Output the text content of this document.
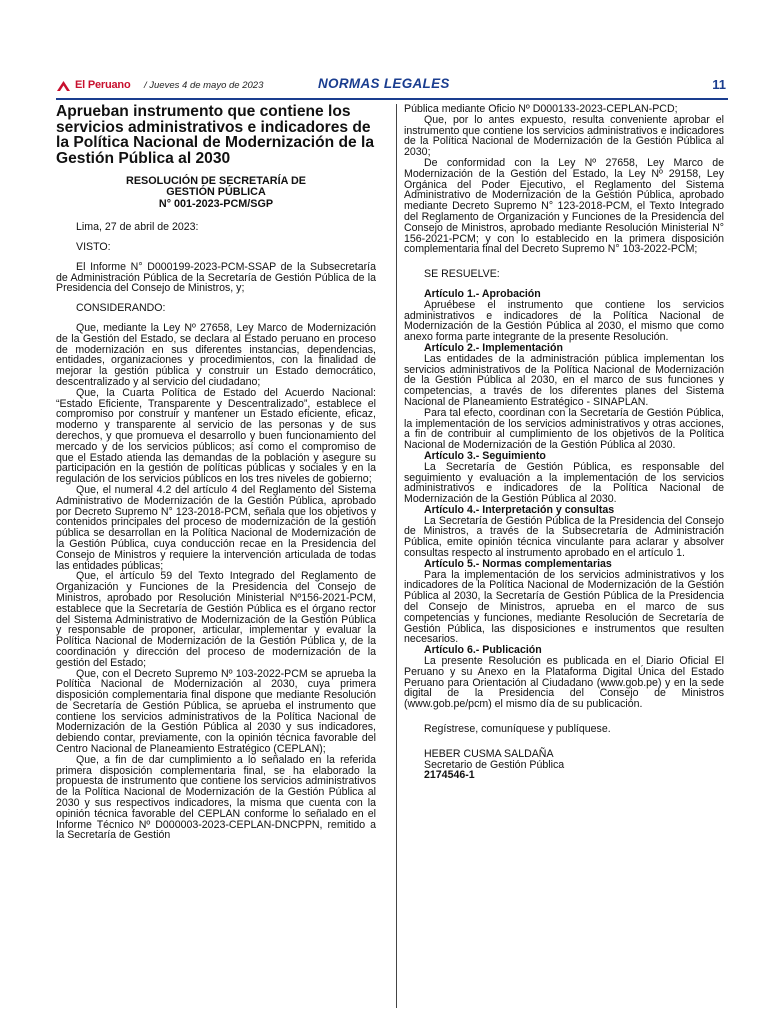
El Peruano / Jueves 4 de mayo de 2023	NORMAS LEGALES	11
Aprueban instrumento que contiene los servicios administrativos e indicadores de la Política Nacional de Modernización de la Gestión Pública al 2030
RESOLUCIÓN DE SECRETARÍA DE
GESTIÓN PÚBLICA
N° 001-2023-PCM/SGP

Lima, 27 de abril de 2023:

VISTO:

El Informe N° D000199-2023-PCM-SSAP de la Subsecretaría de Administración Pública de la Secretaría de Gestión Pública de la Presidencia del Consejo de Ministros, y;

CONSIDERANDO:

Que, mediante la Ley Nº 27658, Ley Marco de Modernización de la Gestión del Estado, se declara al Estado peruano en proceso de modernización en sus diferentes instancias, dependencias, entidades, organizaciones y procedimientos, con la finalidad de mejorar la gestión pública y construir un Estado democrático, descentralizado y al servicio del ciudadano;

Que, la Cuarta Política de Estado del Acuerdo Nacional: “Estado Eficiente, Transparente y Descentralizado”, establece el compromiso por construir y mantener un Estado eficiente, eficaz, moderno y transparente al servicio de las personas y de sus derechos, y que promueva el desarrollo y buen funcionamiento del mercado y de los servicios públicos; así como el compromiso de que el Estado atienda las demandas de la población y asegure su participación en la gestión de políticas públicas y sociales y en la regulación de los servicios públicos en los tres niveles de gobierno;

Que, el numeral 4.2 del artículo 4 del Reglamento del Sistema Administrativo de Modernización de la Gestión Pública, aprobado por Decreto Supremo N° 123-2018-PCM, señala que los objetivos y contenidos principales del proceso de modernización de la gestión pública se desarrollan en la Política Nacional de Modernización de la Gestión Pública, cuya conducción recae en la Presidencia del Consejo de Ministros y requiere la intervención articulada de todas las entidades públicas;

Que, el artículo 59 del Texto Integrado del Reglamento de Organización y Funciones de la Presidencia del Consejo de Ministros, aprobado por Resolución Ministerial Nº156-2021-PCM, establece que la Secretaría de Gestión Pública es el órgano rector del Sistema Administrativo de Modernización de la Gestión Pública y responsable de proponer, articular, implementar y evaluar la Política Nacional de Modernización de la Gestión Pública y, de la coordinación y dirección del proceso de modernización de la gestión del Estado;

Que, con el Decreto Supremo Nº 103-2022-PCM se aprueba la Política Nacional de Modernización al 2030, cuya primera disposición complementaria final dispone que mediante Resolución de Secretaría de Gestión Pública, se aprueba el instrumento que contiene los servicios administrativos de la Política Nacional de Modernización de la Gestión Pública al 2030 y sus indicadores, debiendo contar, previamente, con la opinión técnica favorable del Centro Nacional de Planeamiento Estratégico (CEPLAN);

Que, a fin de dar cumplimiento a lo señalado en la referida primera disposición complementaria final, se ha elaborado la propuesta de instrumento que contiene los servicios administrativos de la Política Nacional de Modernización de la Gestión Pública al 2030 y sus respectivos indicadores, la misma que cuenta con la opinión técnica favorable del CEPLAN conforme lo señalado en el Informe Técnico Nº D000003-2023-CEPLAN-DNCPPN, remitido a la Secretaría de Gestión

Pública mediante Oficio Nº D000133-2023-CEPLAN-PCD;

Que, por lo antes expuesto, resulta conveniente aprobar el instrumento que contiene los servicios administrativos e indicadores de la Política Nacional de Modernización de la Gestión Pública al 2030;

De conformidad con la Ley Nº 27658, Ley Marco de Modernización de la Gestión del Estado, la Ley Nº 29158, Ley Orgánica del Poder Ejecutivo, el Reglamento del Sistema Administrativo de Modernización de la Gestión Pública, aprobado mediante Decreto Supremo N° 123-2018-PCM, el Texto Integrado del Reglamento de Organización y Funciones de la Presidencia del Consejo de Ministros, aprobado mediante Resolución Ministerial N° 156-2021-PCM; y con lo establecido en la primera disposición complementaria final del Decreto Supremo N° 103-2022-PCM;

SE RESUELVE:

Artículo 1.- Aprobación

Apruébese el instrumento que contiene los servicios administrativos e indicadores de la Política Nacional de Modernización de la Gestión Pública al 2030, el mismo que como anexo forma parte integrante de la presente Resolución.

Artículo 2.- Implementación

Las entidades de la administración pública implementan los servicios administrativos de la Política Nacional de Modernización de la Gestión Pública al 2030, en el marco de sus funciones y competencias, a través de los diferentes planes del Sistema Nacional de Planeamiento Estratégico - SINAPLAN.

Para tal efecto, coordinan con la Secretaría de Gestión Pública, la implementación de los servicios administrativos y otras acciones, a fin de contribuir al cumplimiento de los objetivos de la Política Nacional de Modernización de la Gestión Pública al 2030.

Artículo 3.- Seguimiento

La Secretaría de Gestión Pública, es responsable del seguimiento y evaluación a la implementación de los servicios administrativos e indicadores de la Política Nacional de Modernización de la Gestión Pública al 2030.

Artículo 4.- Interpretación y consultas

La Secretaría de Gestión Pública de la Presidencia del Consejo de Ministros, a través de la Subsecretaría de Administración Pública, emite opinión técnica vinculante para aclarar y absolver consultas respecto al instrumento aprobado en el artículo 1.

Artículo 5.- Normas complementarias

Para la implementación de los servicios administrativos y los indicadores de la Política Nacional de Modernización de la Gestión Pública al 2030, la Secretaría de Gestión Pública de la Presidencia del Consejo de Ministros, aprueba en el marco de sus competencias y funciones, mediante Resolución de Secretaría de Gestión Pública, las disposiciones e instrumentos que resulten necesarios.

Artículo 6.- Publicación

La presente Resolución es publicada en el Diario Oficial El Peruano y su Anexo en la Plataforma Digital Única del Estado Peruano para Orientación al Ciudadano (www.gob.pe) y en la sede digital de la Presidencia del Consejo de Ministros (www.gob.pe/pcm) el mismo día de su publicación.

Regístrese, comuníquese y publíquese.

HEBER CUSMA SALDAÑA

Secretario de Gestión Pública

2174546-1
